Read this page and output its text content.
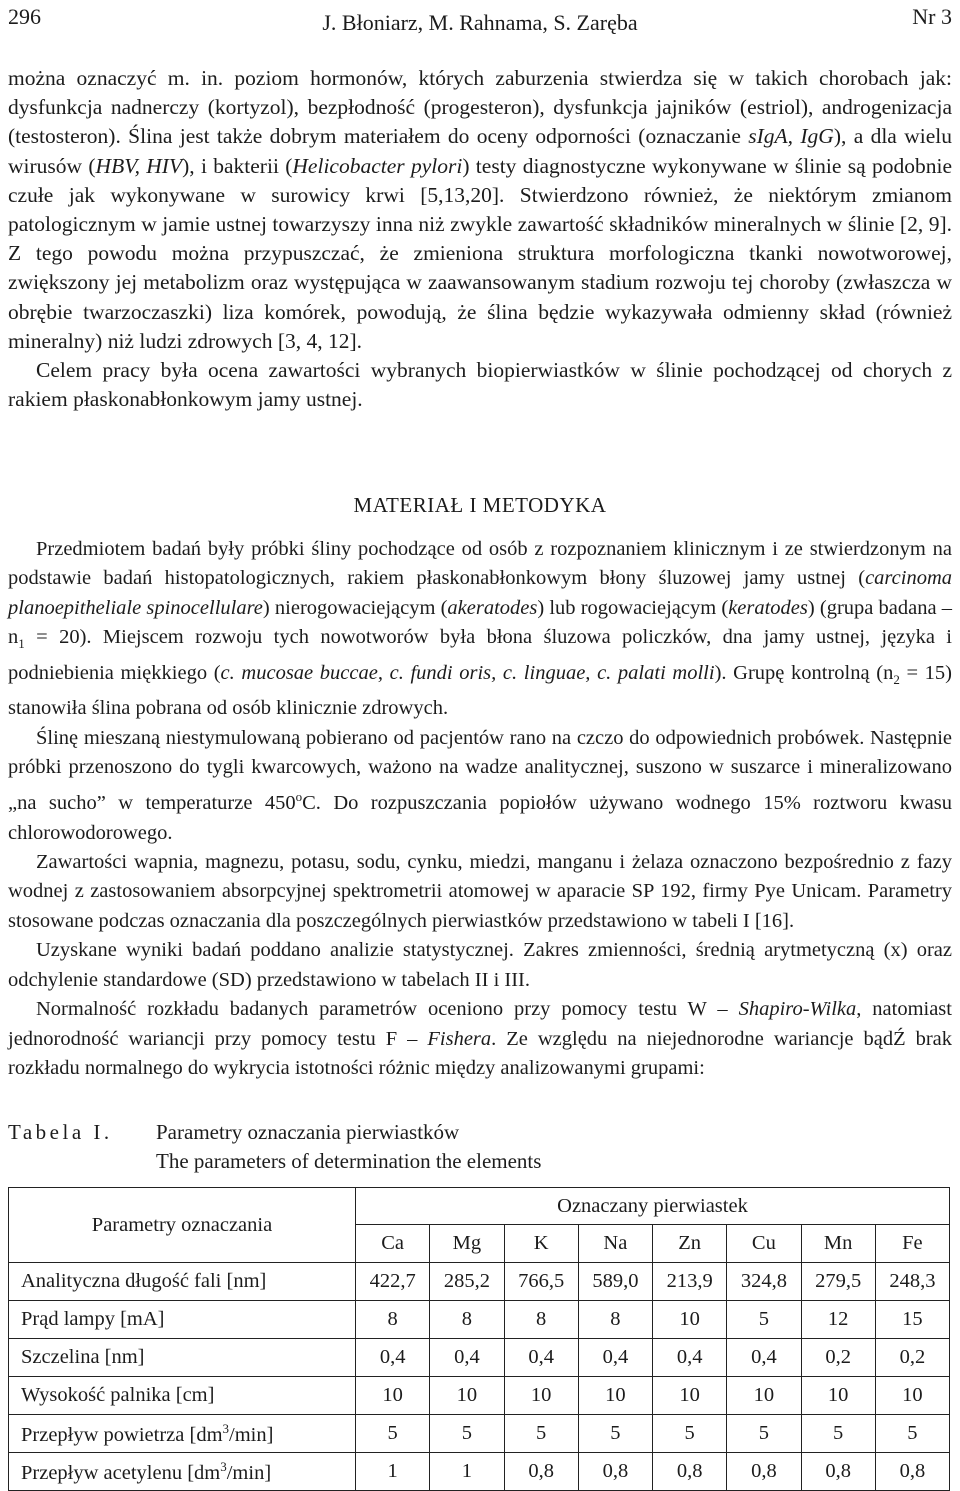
296	J. Błoniarz, M. Rahnama, S. Zaręba	Nr 3

można oznaczyć m. in. poziom hormonów, których zaburzenia stwierdza się w takich chorobach jak: dysfunkcja nadnerczy (kortyzol), bezpłodność (progesteron), dysfunkcja jajników (estriol), androgenizacja (testosteron). Ślina jest także dobrym materiałem do oceny odporności (oznaczanie sIgA, IgG), a dla wielu wirusów (HBV, HIV), i bakterii (Helicobacter pylori) testy diagnostyczne wykonywane w ślinie są podobnie czułe jak wykonywane w surowicy krwi [5,13,20]. Stwierdzono również, że niektórym zmianom patologicznym w jamie ustnej towarzyszy inna niż zwykle zawartość składników mineralnych w ślinie [2, 9]. Z tego powodu można przypuszczać, że zmieniona struktura morfologiczna tkanki nowotworowej, zwiększony jej metabolizm oraz występująca w zaawansowanym stadium rozwoju tej choroby (zwłaszcza w obrębie twarzoczaszki) liza komórek, powodują, że ślina będzie wykazywała odmienny skład (również mineralny) niż ludzi zdrowych [3, 4, 12].

Celem pracy była ocena zawartości wybranych biopierwiastków w ślinie pochodzącej od chorych z rakiem płaskonabłonkowym jamy ustnej.

MATERIAŁ I METODYKA

Przedmiotem badań były próbki śliny pochodzące od osób z rozpoznaniem klinicznym i ze stwierdzonym na podstawie badań histopatologicznych, rakiem płaskonabłonkowym błony śluzowej jamy ustnej (carcinoma planoepitheliale spinocellulare) nierogowaciejącym (akeratodes) lub rogowaciejącym (keratodes) (grupa badana – $n_1 = 20$). Miejscem rozwoju tych nowotworów była błona śluzowa policzków, dna jamy ustnej, języka i podniebienia miękkiego (c. mucosae buccae, c. fundi oris, c. linguae, c. palati molli). Grupę kontrolną $(n_2 = 15)$ stanowiła ślina pobrana od osób klinicznie zdrowych.

Ślinę mieszaną niestymulowaną pobierano od pacjentów rano na czczo do odpowiednich probówek. Następnie próbki przenoszono do tygli kwarcowych, ważono na wadze analitycznej, suszono w suszarce i mineralizowano „na sucho” w temperaturze 450$^o$C. Do rozpuszczania popiołów używano wodnego 15% roztworu kwasu chlorowodorowego.

Zawartości wapnia, magnezu, potasu, sodu, cynku, miedzi, manganu i żelaza oznaczono bezpośrednio z fazy wodnej z zastosowaniem absorpcyjnej spektrometrii atomowej w aparacie SP 192, firmy Pye Unicam. Parametry stosowane podczas oznaczania dla poszczególnych pierwiastków przedstawiono w tabeli I [16].

Uzyskane wyniki badań poddano analizie statystycznej. Zakres zmienności, średnią arytmetyczną (x) oraz odchylenie standardowe (SD) przedstawiono w tabelach II i III.

Normalność rozkładu badanych parametrów oceniono przy pomocy testu W – Shapiro-Wilka, natomiast jednorodność wariancji przy pomocy testu F – Fishera. Ze względu na niejednorodne wariancje bądŹ brak rozkładu normalnego do wykrycia istotności różnic między analizowanymi grupami:

Tabela I. Parametry oznaczania pierwiastków
The parameters of determination the elements
Parametry oznaczania	Oznaczany pierwiastek							
	Ca	Mg	K	Na	Zn	Cu	Mn	Fe
Analityczna długość fali [nm]	422,7	285,2	766,5	589,0	213,9	324,8	279,5	248,3
Prąd lampy [mA]	8	8	8	8	10	5	12	15
Szczelina [nm]	0,4	0,4	0,4	0,4	0,4	0,4	0,2	0,2
Wysokość palnika [cm]	10	10	10	10	10	10	10	10
Przepływ powietrza $[dm^3/\min]$	5	5	5	5	5	5	5	5
Przepływ acetylenu $[dm^3/\min]$	1	1	0,8	0,8	0,8	0,8	0,8	0,8
